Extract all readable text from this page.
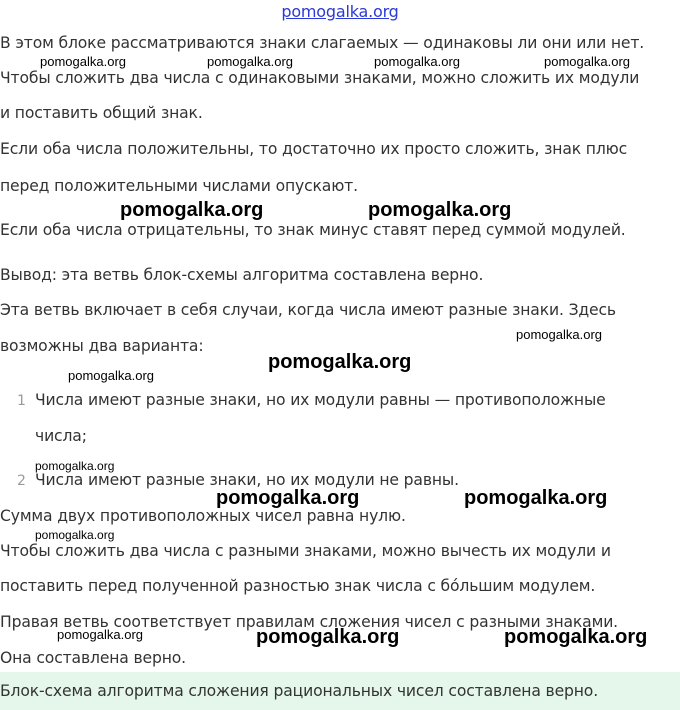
pomogalka.org

В этом блоке рассматриваются знаки слагаемых — одинаковы ли они или нет.

Чтобы сложить два числа с одинаковыми знаками, можно сложить их модули

и поставить общий знак.

Если оба числа положительны, то достаточно их просто сложить, знак плюс

перед положительными числами опускают.

Если оба числа отрицательны, то знак минус ставят перед суммой модулей.

Вывод: эта ветвь блок-схемы алгоритма составлена верно.

Эта ветвь включает в себя случаи, когда числа имеют разные знаки. Здесь

возможны два варианта:

1 Числа имеют разные знаки, но их модули равны — противоположные
числа;
2 Числа имеют разные знаки, но их модули не равны.

Сумма двух противоположных чисел равна нулю.

Чтобы сложить два числа с разными знаками, можно вычесть их модули и

поставить перед полученной разностью знак числа с бо́льшим модулем.

Правая ветвь соответствует правилам сложения чисел с разными знаками.

Она составлена верно.

Блок-схема алгоритма сложения рациональных чисел составлена верно.
pomogalka.org	pomogalka.org	pomogalka.org	pomogalka.org
pomogalka.org	pomogalka.org
pomogalka.org
pomogalka.org
pomogalka.org
pomogalka.org
pomogalka.org	pomogalka.org
pomogalka.org
pomogalka.org	pomogalka.org	pomogalka.org
